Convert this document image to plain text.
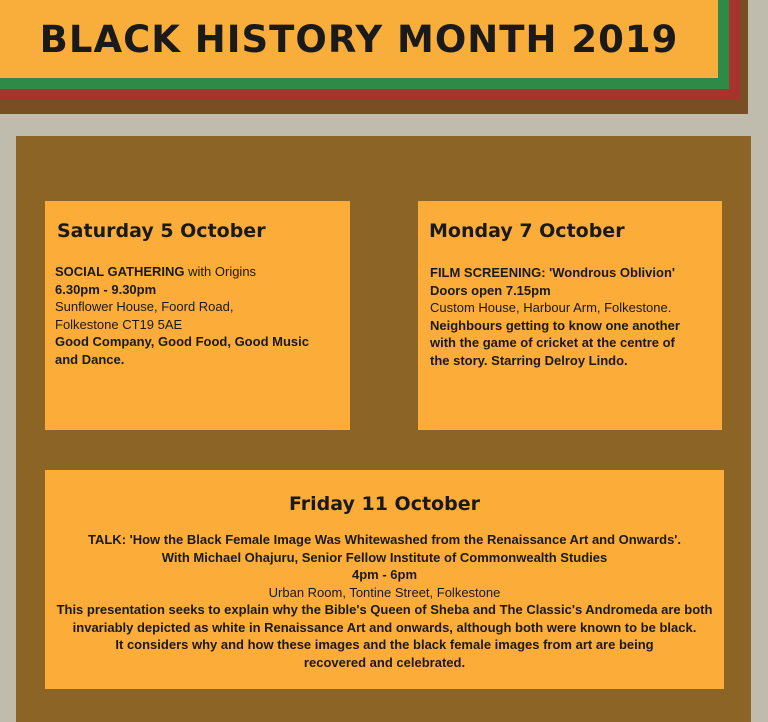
BLACK HISTORY MONTH 2019
Saturday 5 October
SOCIAL GATHERING with Origins
6.30pm - 9.30pm
Sunflower House, Foord Road,
Folkestone CT19 5AE
Good Company, Good Food, Good Music
and Dance.
Monday 7 October
FILM SCREENING: 'Wondrous Oblivion'
Doors open 7.15pm
Custom House, Harbour Arm, Folkestone.
Neighbours getting to know one another
with the game of cricket at the centre of
the story. Starring Delroy Lindo.
Friday 11 October
TALK: 'How the Black Female Image Was Whitewashed from the Renaissance Art and Onwards'.
With Michael Ohajuru, Senior Fellow Institute of Commonwealth Studies
4pm - 6pm
Urban Room, Tontine Street, Folkestone
This presentation seeks to explain why the Bible's Queen of Sheba and The Classic's Andromeda are both
invariably depicted as white in Renaissance Art and onwards, although both were known to be black.
It considers why and how these images and the black female images from art are being
recovered and celebrated.
